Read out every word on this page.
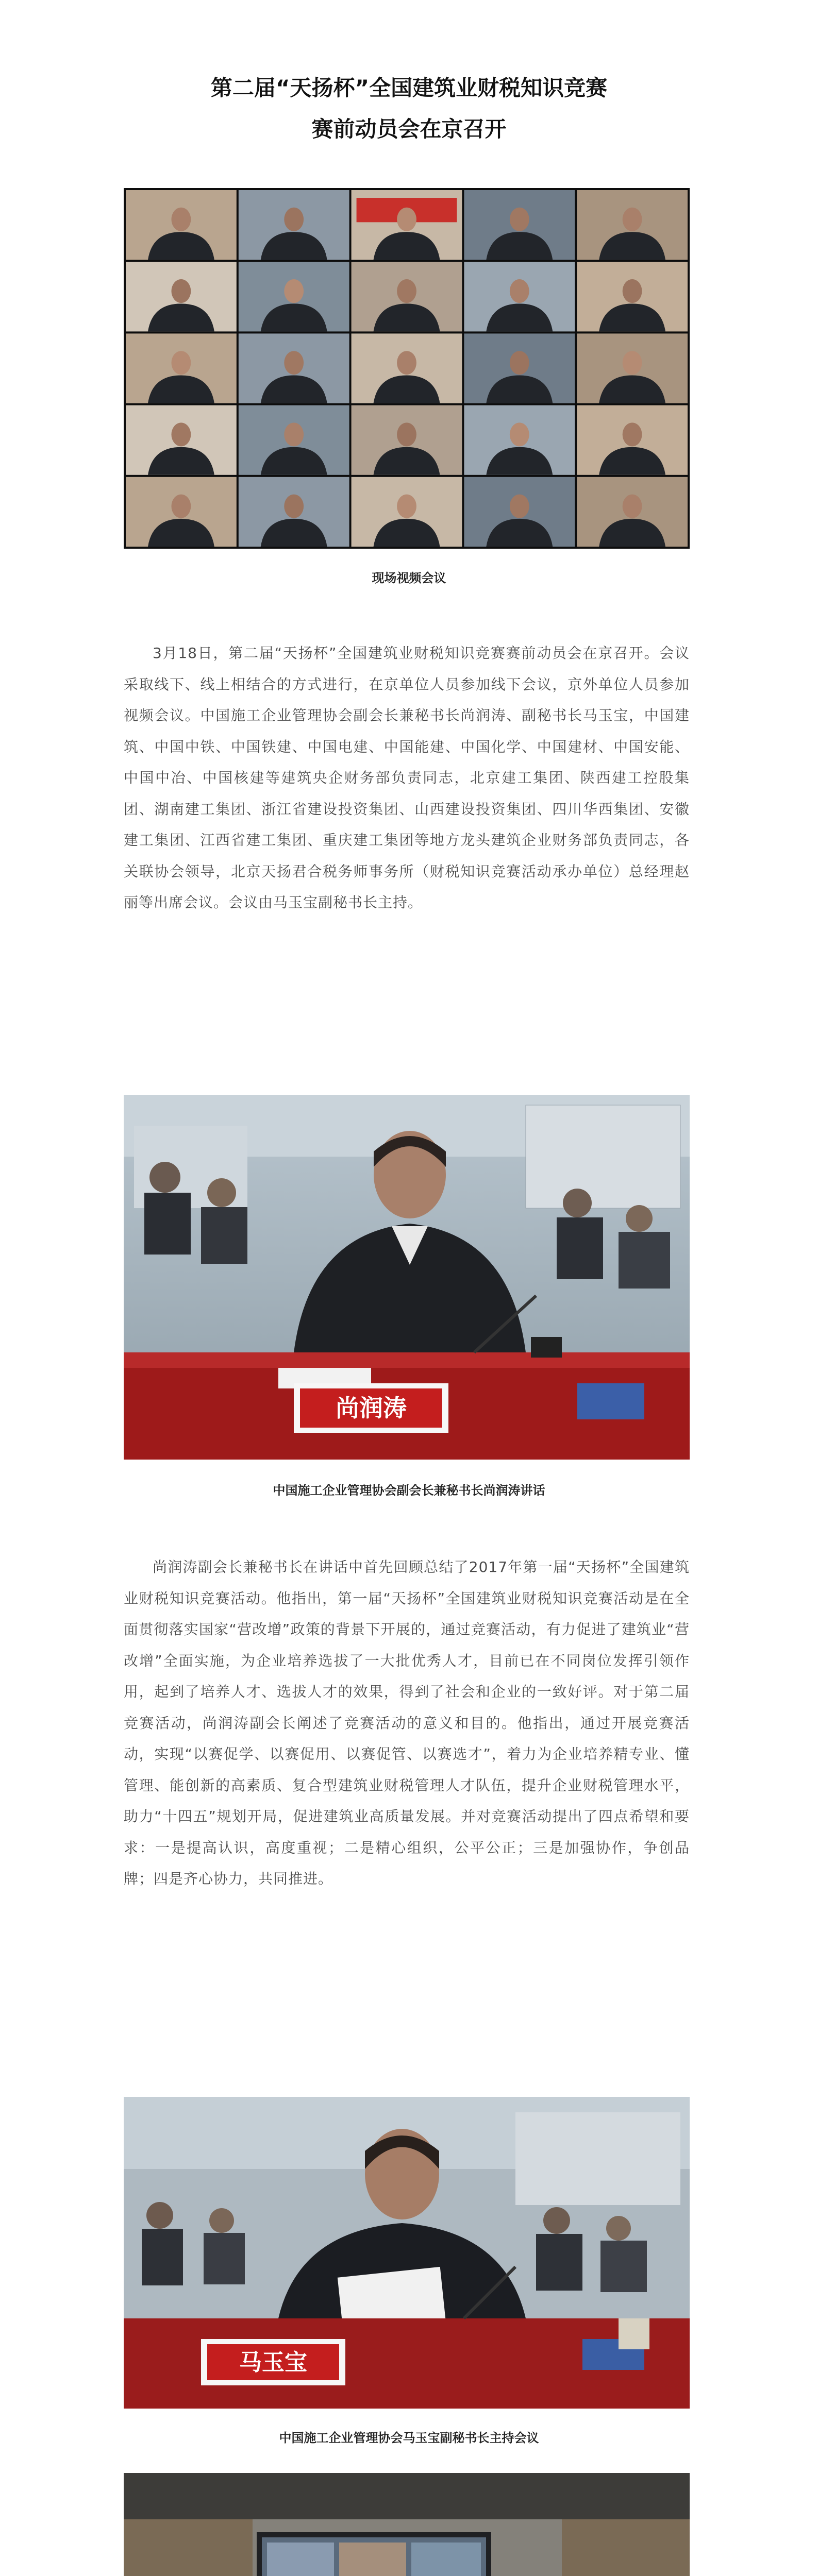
第二届“天扬杯”全国建筑业财税知识竞赛
赛前动员会在京召开
现场视频会议

3月18日，第二届“天扬杯”全国建筑业财税知识竞赛赛前动员会在京召开。会议采取线下、线上相结合的方式进行，在京单位人员参加线下会议，京外单位人员参加视频会议。中国施工企业管理协会副会长兼秘书长尚润涛、副秘书长马玉宝，中国建筑、中国中铁、中国铁建、中国电建、中国能建、中国化学、中国建材、中国安能、中国中冶、中国核建等建筑央企财务部负责同志，北京建工集团、陕西建工控股集团、湖南建工集团、浙江省建设投资集团、山西建设投资集团、四川华西集团、安徽建工集团、江西省建工集团、重庆建工集团等地方龙头建筑企业财务部负责同志，各关联协会领导，北京天扬君合税务师事务所（财税知识竞赛活动承办单位）总经理赵丽等出席会议。会议由马玉宝副秘书长主持。

尚润涛
中国施工企业管理协会副会长兼秘书长尚润涛讲话

尚润涛副会长兼秘书长在讲话中首先回顾总结了2017年第一届“天扬杯”全国建筑业财税知识竞赛活动。他指出，第一届“天扬杯”全国建筑业财税知识竞赛活动是在全面贯彻落实国家“营改增”政策的背景下开展的，通过竞赛活动，有力促进了建筑业“营改增”全面实施，为企业培养选拔了一大批优秀人才，目前已在不同岗位发挥引领作用，起到了培养人才、选拔人才的效果，得到了社会和企业的一致好评。对于第二届竞赛活动，尚润涛副会长阐述了竞赛活动的意义和目的。他指出，通过开展竞赛活动，实现“以赛促学、以赛促用、以赛促管、以赛选才”，着力为企业培养精专业、懂管理、能创新的高素质、复合型建筑业财税管理人才队伍，提升企业财税管理水平，助力“十四五”规划开局，促进建筑业高质量发展。并对竞赛活动提出了四点希望和要求：一是提高认识，高度重视；二是精心组织，公平公正；三是加强协作，争创品牌；四是齐心协力，共同推进。

马玉宝
中国施工企业管理协会马玉宝副秘书长主持会议
